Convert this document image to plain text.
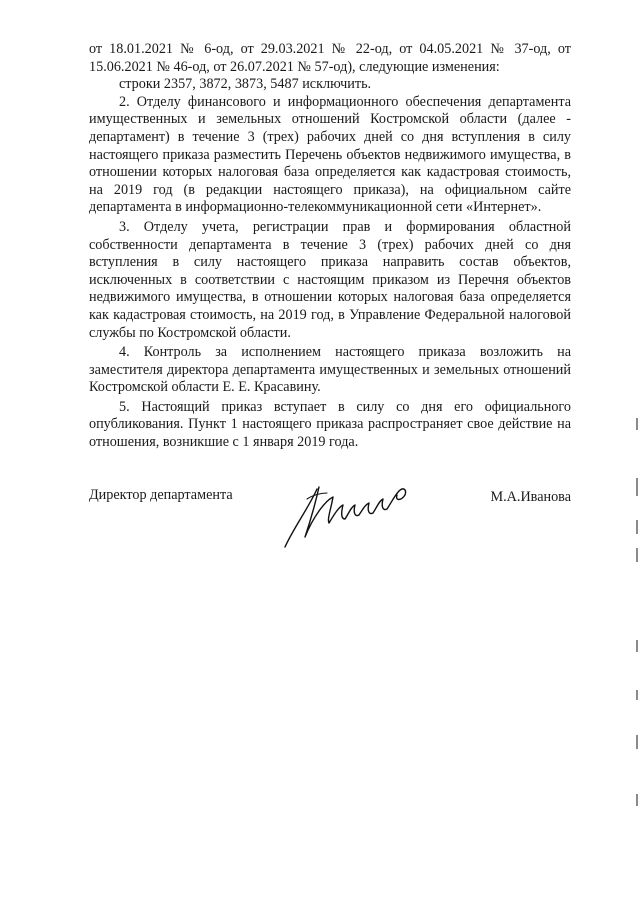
от 18.01.2021 № 6-од, от 29.03.2021 № 22-од, от 04.05.2021 № 37-од, от 15.06.2021 № 46-од, от 26.07.2021 № 57-од), следующие изменения:

строки 2357, 3872, 3873, 5487 исключить.

2. Отделу финансового и информационного обеспечения департамента имущественных и земельных отношений Костромской области (далее - департамент) в течение 3 (трех) рабочих дней со дня вступления в силу настоящего приказа разместить Перечень объектов недвижимого имущества, в отношении которых налоговая база определяется как кадастровая стоимость, на 2019 год (в редакции настоящего приказа), на официальном сайте департамента в информационно-телекоммуникационной сети «Интернет».

3. Отделу учета, регистрации прав и формирования областной собственности департамента в течение 3 (трех) рабочих дней со дня вступления в силу настоящего приказа направить состав объектов, исключенных в соответствии с настоящим приказом из Перечня объектов недвижимого имущества, в отношении которых налоговая база определяется как кадастровая стоимость, на 2019 год, в Управление Федеральной налоговой службы по Костромской области.

4. Контроль за исполнением настоящего приказа возложить на заместителя директора департамента имущественных и земельных отношений Костромской области Е. Е. Красавину.

5. Настоящий приказ вступает в силу со дня его официального опубликования. Пункт 1 настоящего приказа распространяет свое действие на отношения, возникшие с 1 января 2019 года.

Директор департамента	М.А.Иванова
